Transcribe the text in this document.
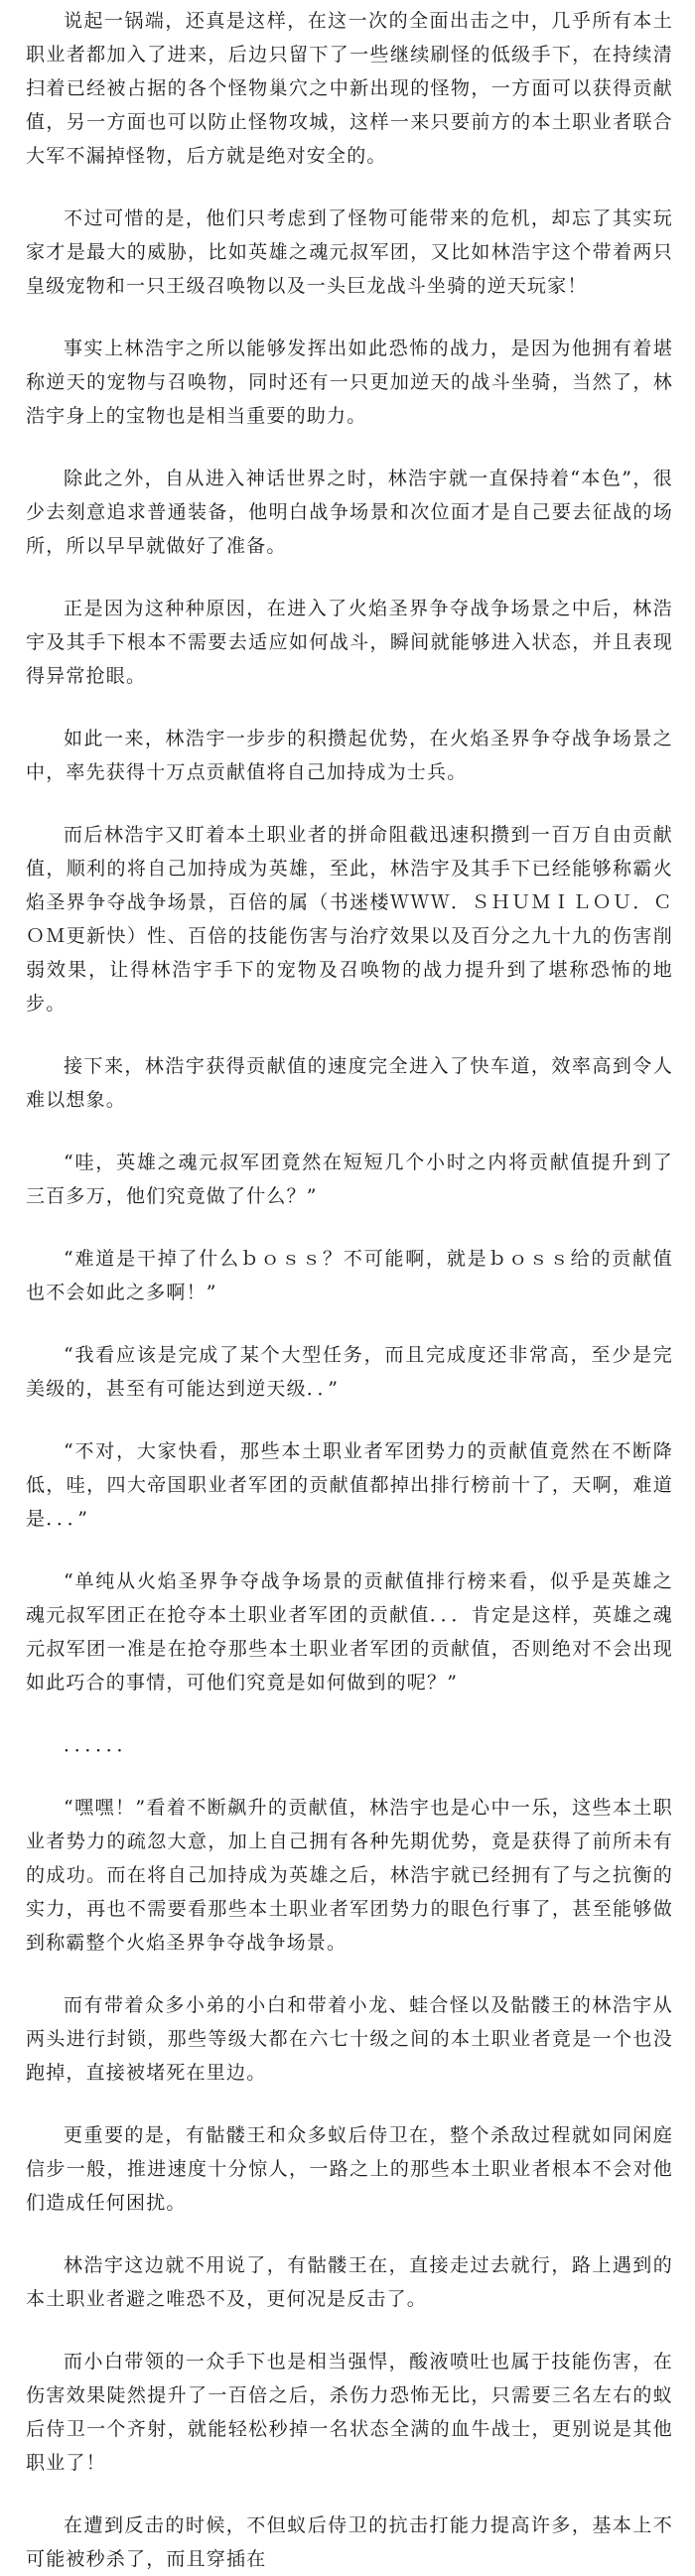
说起一锅端，还真是这样，在这一次的全面出击之中，几乎所有本土职业者都加入了进来，后边只留下了一些继续刷怪的低级手下，在持续清扫着已经被占据的各个怪物巢穴之中新出现的怪物，一方面可以获得贡献值，另一方面也可以防止怪物攻城，这样一来只要前方的本土职业者联合大军不漏掉怪物，后方就是绝对安全的。

不过可惜的是，他们只考虑到了怪物可能带来的危机，却忘了其实玩家才是最大的威胁，比如英雄之魂元叔军团，又比如林浩宇这个带着两只皇级宠物和一只王级召唤物以及一头巨龙战斗坐骑的逆天玩家！

事实上林浩宇之所以能够发挥出如此恐怖的战力，是因为他拥有着堪称逆天的宠物与召唤物，同时还有一只更加逆天的战斗坐骑，当然了，林浩宇身上的宝物也是相当重要的助力。

除此之外，自从进入神话世界之时，林浩宇就一直保持着“本色”，很少去刻意追求普通装备，他明白战争场景和次位面才是自己要去征战的场所，所以早早就做好了准备。

正是因为这种种原因，在进入了火焰圣界争夺战争场景之中后，林浩宇及其手下根本不需要去适应如何战斗，瞬间就能够进入状态，并且表现得异常抢眼。

如此一来，林浩宇一步步的积攒起优势，在火焰圣界争夺战争场景之中，率先获得十万点贡献值将自己加持成为士兵。

而后林浩宇又盯着本土职业者的拼命阻截迅速积攒到一百万自由贡献值，顺利的将自己加持成为英雄，至此，林浩宇及其手下已经能够称霸火焰圣界争夺战争场景，百倍的属（书迷楼ＷＷＷ．ＳＨＵＭＩＬＯＵ．ＣＯＭ更新快）性、百倍的技能伤害与治疗效果以及百分之九十九的伤害削弱效果，让得林浩宇手下的宠物及召唤物的战力提升到了堪称恐怖的地步。

接下来，林浩宇获得贡献值的速度完全进入了快车道，效率高到令人难以想象。

“哇，英雄之魂元叔军团竟然在短短几个小时之内将贡献值提升到了三百多万，他们究竟做了什么？”

“难道是干掉了什么ｂｏｓｓ？不可能啊，就是ｂｏｓｓ给的贡献值也不会如此之多啊！”

“我看应该是完成了某个大型任务，而且完成度还非常高，至少是完美级的，甚至有可能达到逆天级．．”

“不对，大家快看，那些本土职业者军团势力的贡献值竟然在不断降低，哇，四大帝国职业者军团的贡献值都掉出排行榜前十了，天啊，难道是．．．”

“单纯从火焰圣界争夺战争场景的贡献值排行榜来看，似乎是英雄之魂元叔军团正在抢夺本土职业者军团的贡献值．．．肯定是这样，英雄之魂元叔军团一准是在抢夺那些本土职业者军团的贡献值，否则绝对不会出现如此巧合的事情，可他们究竟是如何做到的呢？”

．．．．．．

“嘿嘿！”看着不断飙升的贡献值，林浩宇也是心中一乐，这些本土职业者势力的疏忽大意，加上自己拥有各种先期优势，竟是获得了前所未有的成功。而在将自己加持成为英雄之后，林浩宇就已经拥有了与之抗衡的实力，再也不需要看那些本土职业者军团势力的眼色行事了，甚至能够做到称霸整个火焰圣界争夺战争场景。

而有带着众多小弟的小白和带着小龙、蛙合怪以及骷髅王的林浩宇从两头进行封锁，那些等级大都在六七十级之间的本土职业者竟是一个也没跑掉，直接被堵死在里边。

更重要的是，有骷髅王和众多蚁后侍卫在，整个杀敌过程就如同闲庭信步一般，推进速度十分惊人，一路之上的那些本土职业者根本不会对他们造成任何困扰。

林浩宇这边就不用说了，有骷髅王在，直接走过去就行，路上遇到的本土职业者避之唯恐不及，更何况是反击了。

而小白带领的一众手下也是相当强悍，酸液喷吐也属于技能伤害，在伤害效果陡然提升了一百倍之后，杀伤力恐怖无比，只需要三名左右的蚁后侍卫一个齐射，就能轻松秒掉一名状态全满的血牛战士，更别说是其他职业了！

在遭到反击的时候，不但蚁后侍卫的抗击打能力提高许多，基本上不可能被秒杀了，而且穿插在
